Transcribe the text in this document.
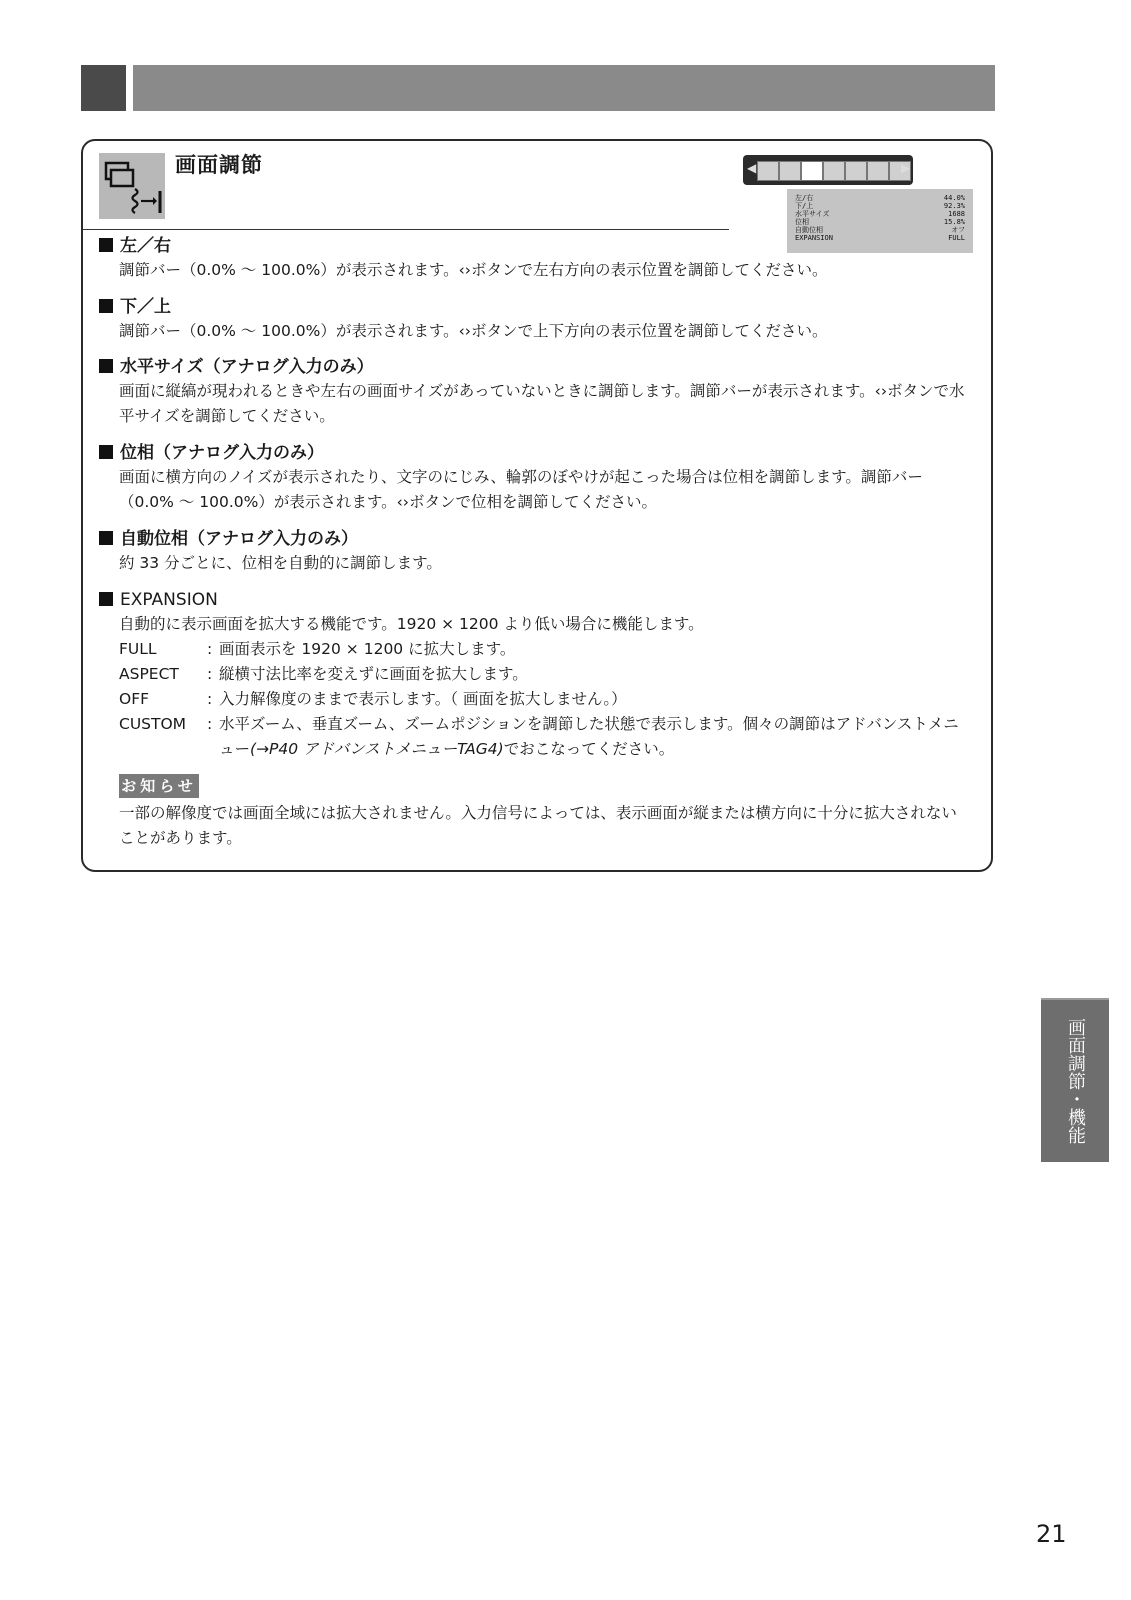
画面調節	◀	▶
左/右	44.0%
下/上	92.3%
水平サイズ	1688
位相	15.8%
自動位相	オフ
EXPANSION	FULL
左／右
調節バー（0.0% ～ 100.0%）が表示されます。‹›ボタンで左右方向の表示位置を調節してください。
下／上
調節バー（0.0% ～ 100.0%）が表示されます。‹›ボタンで上下方向の表示位置を調節してください。
水平サイズ（アナログ入力のみ）
画面に縦縞が現われるときや左右の画面サイズがあっていないときに調節します。調節バーが表示されます。‹›ボタンで水平サイズを調節してください。
位相（アナログ入力のみ）
画面に横方向のノイズが表示されたり、文字のにじみ、輪郭のぼやけが起こった場合は位相を調節します。調節バー（0.0% ～ 100.0%）が表示されます。‹›ボタンで位相を調節してください。
自動位相（アナログ入力のみ）
約 33 分ごとに、位相を自動的に調節します。
EXPANSION
自動的に表示画面を拡大する機能です。1920 × 1200 より低い場合に機能します。
FULL	: 画面表示を 1920 × 1200 に拡大します。
ASPECT	: 縦横寸法比率を変えずに画面を拡大します。
OFF	: 入力解像度のままで表示します。（ 画面を拡大しません。）
CUSTOM	: 水平ズーム、垂直ズーム、ズームポジションを調節した状態で表示します。個々の調節はアドバンストメニュー(→P40 アドバンストメニューTAG4)でおこなってください。
お知らせ
一部の解像度では画面全域には拡大されません。入力信号によっては、表示画面が縦または横方向に十分に拡大されないことがあります。
画面調節・機能
21
